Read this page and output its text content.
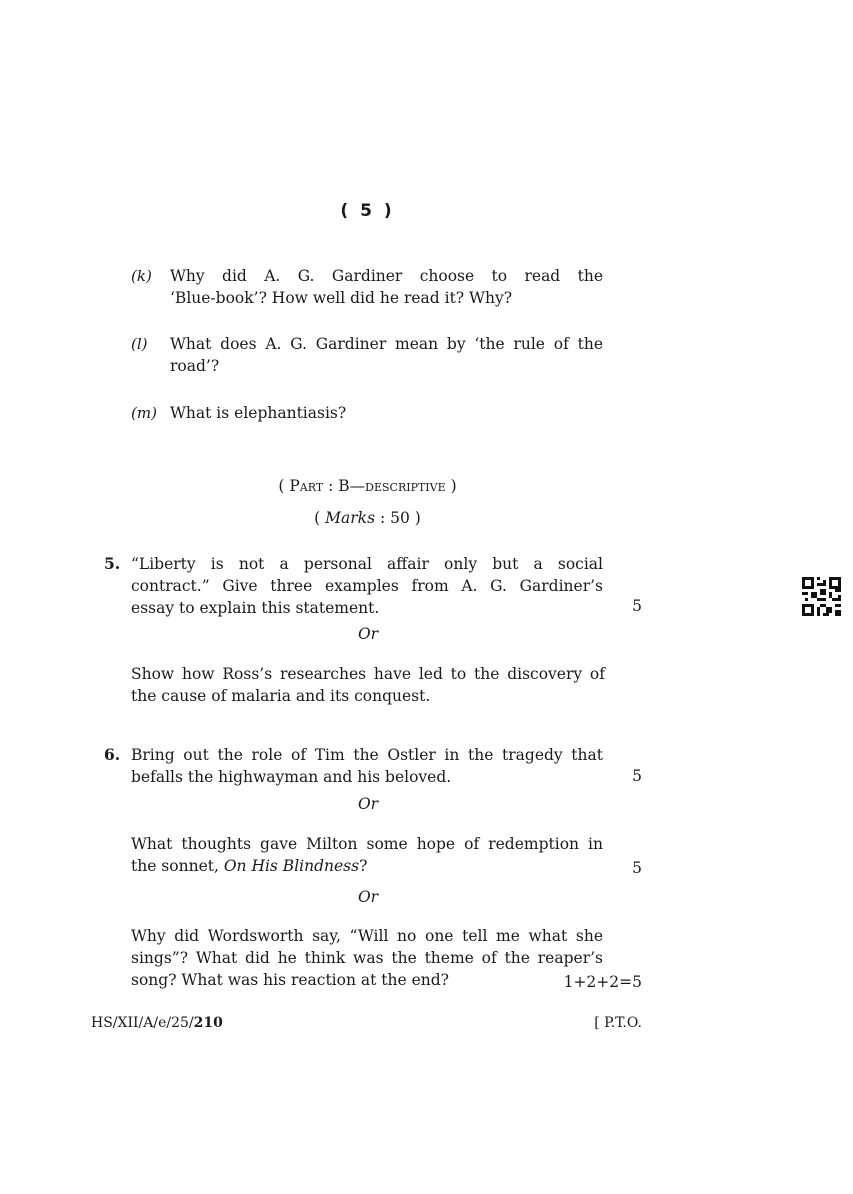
( 5 )
(k) Why did A. G. Gardiner choose to read the
‘Blue-book’? How well did he read it? Why?
(l) What does A. G. Gardiner mean by ‘the rule of the
road’?
(m) What is elephantiasis?
( Part : B—descriptive )
( Marks : 50 )
5. “Liberty is not a personal affair only but a social
contract.” Give three examples from A. G. Gardiner’s
essay to explain this statement.	5
Or
Show how Ross’s researches have led to the discovery of
the cause of malaria and its conquest.
6. Bring out the role of Tim the Ostler in the tragedy that
befalls the highwayman and his beloved.	5
Or
What thoughts gave Milton some hope of redemption in
the sonnet, On His Blindness?	5
Or
Why did Wordsworth say, “Will no one tell me what she
sings”? What did he think was the theme of the reaper’s
song? What was his reaction at the end?	1+2+2=5
HS/XII/A/e/25/210	[ P.T.O.
